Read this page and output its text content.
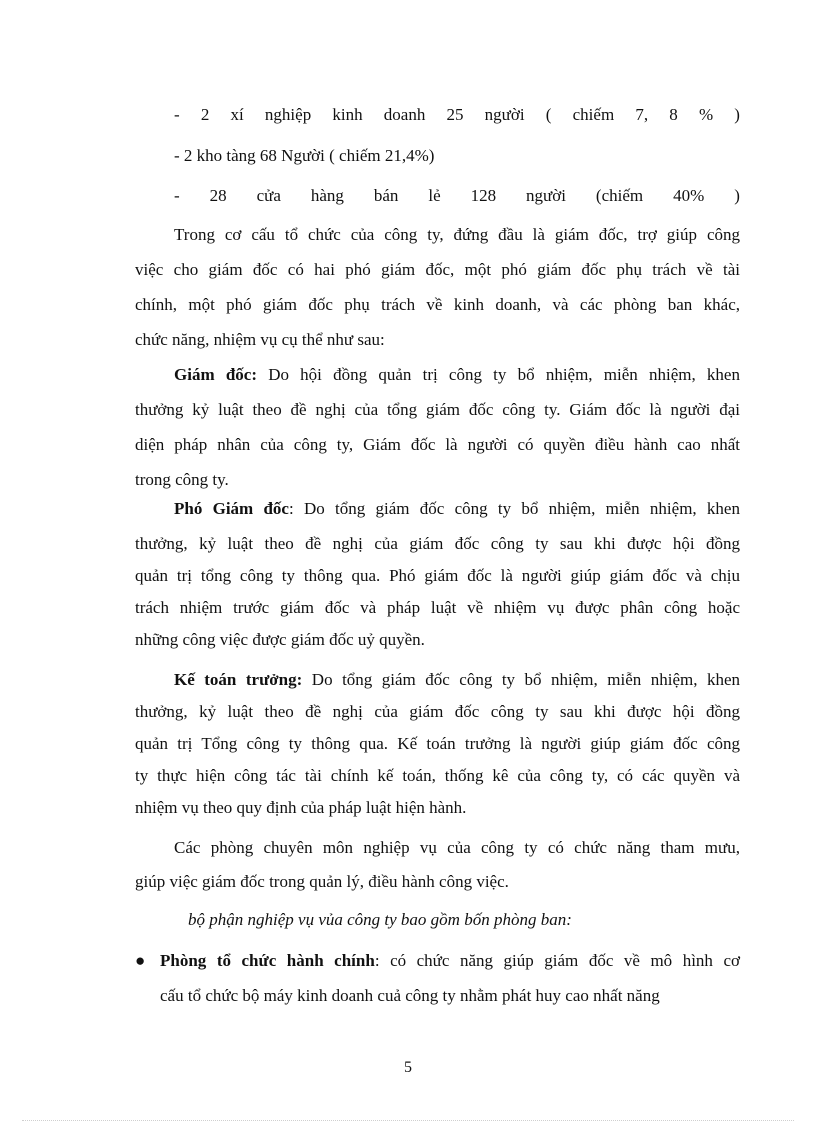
- 2 xí nghiệp kinh doanh 25 người ( chiếm 7, 8 % )
- 2 kho tàng 68 Người ( chiếm 21,4%)
- 28 cửa hàng bán lẻ 128 người (chiếm 40% )
Trong cơ cấu tổ chức của công ty, đứng đầu là giám đốc, trợ giúp công
việc cho giám đốc có hai phó giám đốc, một phó giám đốc phụ trách về tài
chính, một phó giám đốc phụ trách về kinh doanh, và các phòng ban khác,
chức năng, nhiệm vụ cụ thể như sau:
Giám đốc: Do hội đồng quản trị công ty bổ nhiệm, miễn nhiệm, khen
thưởng kỷ luật theo đề nghị của tổng giám đốc công ty. Giám đốc là người đại
diện pháp nhân của công ty, Giám đốc là người có quyền điều hành cao nhất
trong công ty.
Phó Giám đốc: Do tổng giám đốc công ty bổ nhiệm, miễn nhiệm, khen
thưởng, kỷ luật theo đề nghị của giám đốc công ty sau khi được hội đồng
quản trị tổng công ty thông qua. Phó giám đốc là người giúp giám đốc và chịu
trách nhiệm trước giám đốc và pháp luật về nhiệm vụ được phân công hoặc
những công việc được giám đốc uỷ quyền.
Kế toán trưởng: Do tổng giám đốc công ty bổ nhiệm, miễn nhiệm, khen
thưởng, kỷ luật theo đề nghị của giám đốc công ty sau khi được hội đồng
quản trị Tổng công ty thông qua. Kế toán trưởng là người giúp giám đốc công
ty thực hiện công tác tài chính kế toán, thống kê của công ty, có các quyền và
nhiệm vụ theo quy định của pháp luật hiện hành.
Các phòng chuyên môn nghiệp vụ của công ty có chức năng tham mưu,
giúp việc giám đốc trong quản lý, điều hành công việc.
bộ phận nghiệp vụ vủa công ty bao gồm bốn phòng ban:
● Phòng tổ chức hành chính: có chức năng giúp giám đốc về mô hình cơ
cấu tổ chức bộ máy kinh doanh cuả công ty nhằm phát huy cao nhất năng
5
